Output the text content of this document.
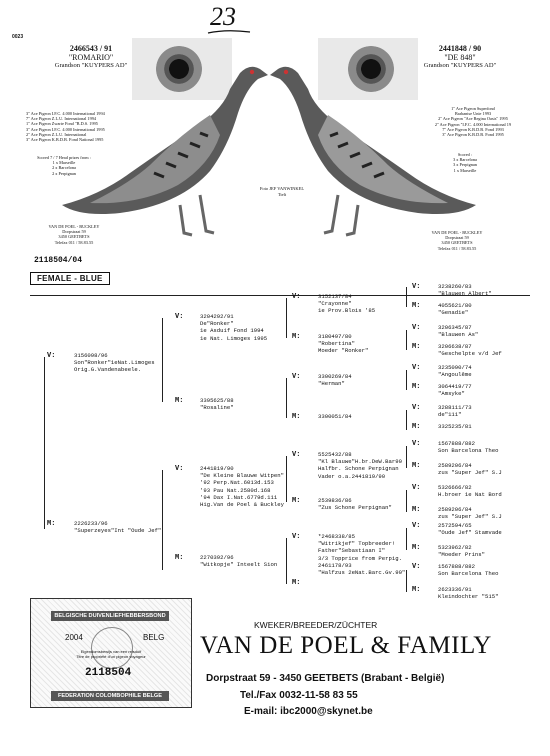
23
0023
2466543 / 91
"ROMARIO"
Grandson "KUYPERS AD"
2441848 / 90
"DE 848"
Grandson "KUYPERS AD"
Foto JEF VANWINKEL
Tielt
3" Ace Pigeon I.F.C. 4.000 International 1994
7" Ace Pigeon Z.L.U. International 1994
1" Ace Pigeon Zwarte Fond "B.D.S. 1995
3" Ace Pigeon I.F.C. 4.000 International 1995
2" Ace Pigeon Z.L.U. International
3" Ace Pigeon K.B.D.B. Fond National 1995
Scored 7 / 7 Head prizes from :
1 x Marseille
2 x Barcelona
2 x Perpignan
VAN DE POEL - BUCKLEY
Dorpstraat 59
3450 GEETBETS
Telefax 011 / 58.83.55
1" Ace Pigeon Superfond
Brabantse Unie 1993
2" Ace Pigeon "Ace Regina Oasis" 1995
2" Ace Pigeon "I.F.C. 4.000 International 19
7" Ace Pigeon K.B.D.B. Fond 1993
3" Ace Pigeon K.B.D.B. Fond 1995
Scored :
3 x Barcelona
3 x Perpignan
1 x Marseille
VAN DE POEL - BUCKLEY
Dorpstraat 59
3450 GEETBETS
Telefax 011 / 58.83.55
2118504/04
FEMALE - BLUE
V:	3156098/96
Son"Ronker"1eNat.Limoges
Orig.G.Vandenabeele.
M:	2226233/96
"Superzeyes"Int "Oude Jef"
V:	3204292/91
De"Ronker"
1e Asduif Fond 1994
1e Nat. Limoges 1995
M:	3395625/88
"Rosaline"
V:	2441819/90
"De Kleine Blauwe Witpen"
'92 Perp.Nat.6013d.153
'93 Pau Nat.2580d.168
'94 Dax I.Nat.6779d.111
Hig.Van de Poel & Buckley
M:	2270392/96
"Witkopje" Inteelt Sion
V:	3152137/84
"Crayonne"
1e Prov.Blois '85
M:	3180497/80
"Robertina"
Moeder "Ronker"
V:	3300269/84
"Herman"
M:	3300051/84
V:	5525432/88
"Kl Blauwe"H.br.DeW.Bar90
Halfbr. Schone Perpignan
Vader o.a.2441819/90
M:	2539836/86
"Zus Schone Perpignan"
V:	*2468338/85
"Witrikjef" Topbreeder!
Father"Sebastiaan I"
3/3 Topprice from Perpig.
2461178/93
"Halfzus 2eNat.Barc.Gv.90"
M:
V:	3238260/83
"Blauwen Albert"
M:	4055621/80
"Genadie"
V:	3206345/87
"Blauwen As"
M:	3206638/87
"Geschelpte v/d Jef
V:	3235090/74
"Angoulême
M:	3064419/77
"Amsyke"
V:	3288111/73
de"111"
M:	3325235/81
V:	1567888/882
Son Barcelona Theo
M:	2589206/84
zus "Super Jef" S.J
V:	5326666/82
H.broer 1e Nat Bord
M:	2589206/84
zus "Super Jef" S.J
V:	2572594/65
"Oude Jef" Stamvade
M:	5323962/82
"Moeder Prins"
V:	1567888/882
Son Barcelona Theo
M:	2623336/91
Kleindochter "515"
BELGISCHE DUIVENLIEFHEBBERSBOND
2004	BELG
Eigendomsbewijs van een reisduif
Titre de propriété d'un pigeon voyageur
2118504
FEDERATION COLOMBOPHILE BELGE
KWEKER/BREEDER/ZÜCHTER
VAN DE POEL & FAMILY
Dorpstraat 59 - 3450 GEETBETS (Brabant - België)
Tel./Fax 0032-11-58 83 55
E-mail: ibc2000@skynet.be
